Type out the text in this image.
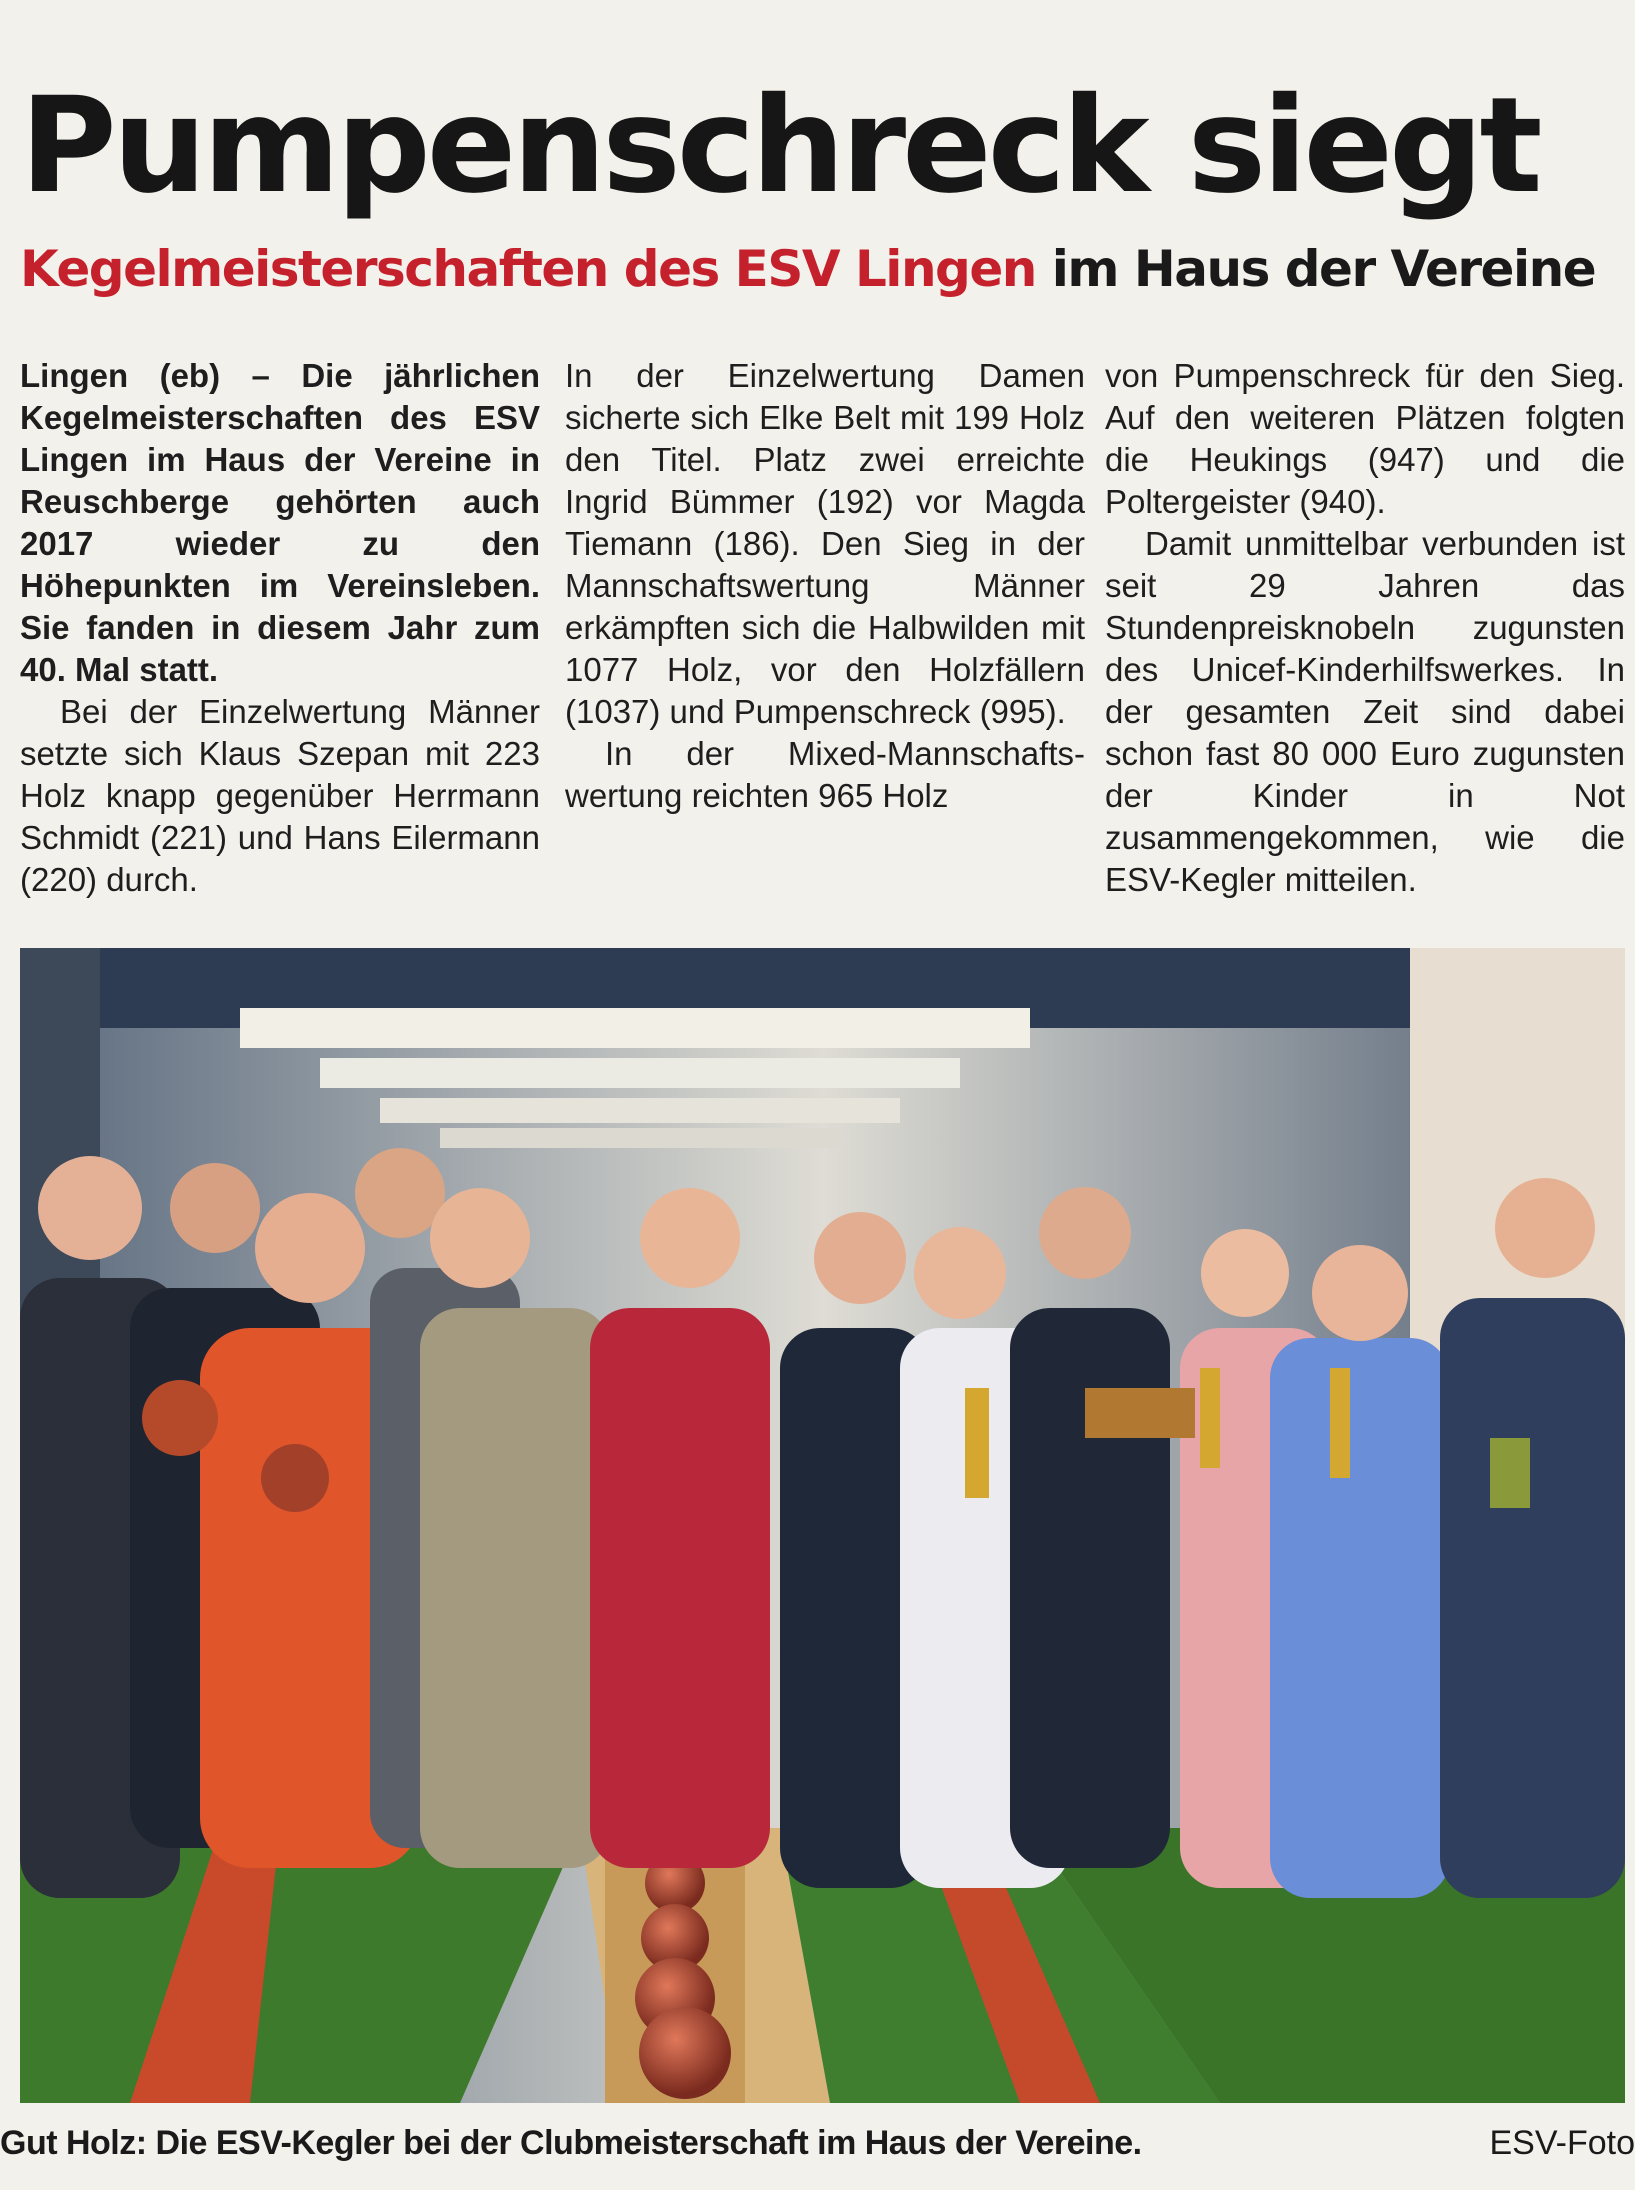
Pumpenschreck siegt
Kegelmeisterschaften des ESV Lingen im Haus der Vereine

Lingen (eb) – Die jährlichen Kegelmeisterschaften des ESV Lingen im Haus der Vereine in Reuschberge gehörten auch 2017 wieder zu den Höhepunkten im Vereinsleben. Sie fanden in diesem Jahr zum 40. Mal statt.

Bei der Einzelwertung Männer setzte sich Klaus Szepan mit 223 Holz knapp gegenüber Herrmann Schmidt (221) und Hans Eilermann (220) durch.

In der Einzelwertung Damen sicherte sich Elke Belt mit 199 Holz den Titel. Platz zwei erreichte Ingrid Bümmer (192) vor Magda Tiemann (186). Den Sieg in der Mannschaftswertung Männer erkämpften sich die Halbwilden mit 1077 Holz, vor den Holzfällern (1037) und Pumpenschreck (995).

In der Mixed-Mannschaftswertung reichten 965 Holz

von Pumpenschreck für den Sieg. Auf den weiteren Plätzen folgten die Heukings (947) und die Poltergeister (940).

Damit unmittelbar verbunden ist seit 29 Jahren das Stundenpreisknobeln zugunsten des Unicef-Kinderhilfswerkes. In der gesamten Zeit sind dabei schon fast 80 000 Euro zugunsten der Kinder in Not zusammengekommen, wie die ESV-Kegler mitteilen.

Gut Holz: Die ESV-Kegler bei der Clubmeisterschaft im Haus der Vereine.	ESV-Foto
